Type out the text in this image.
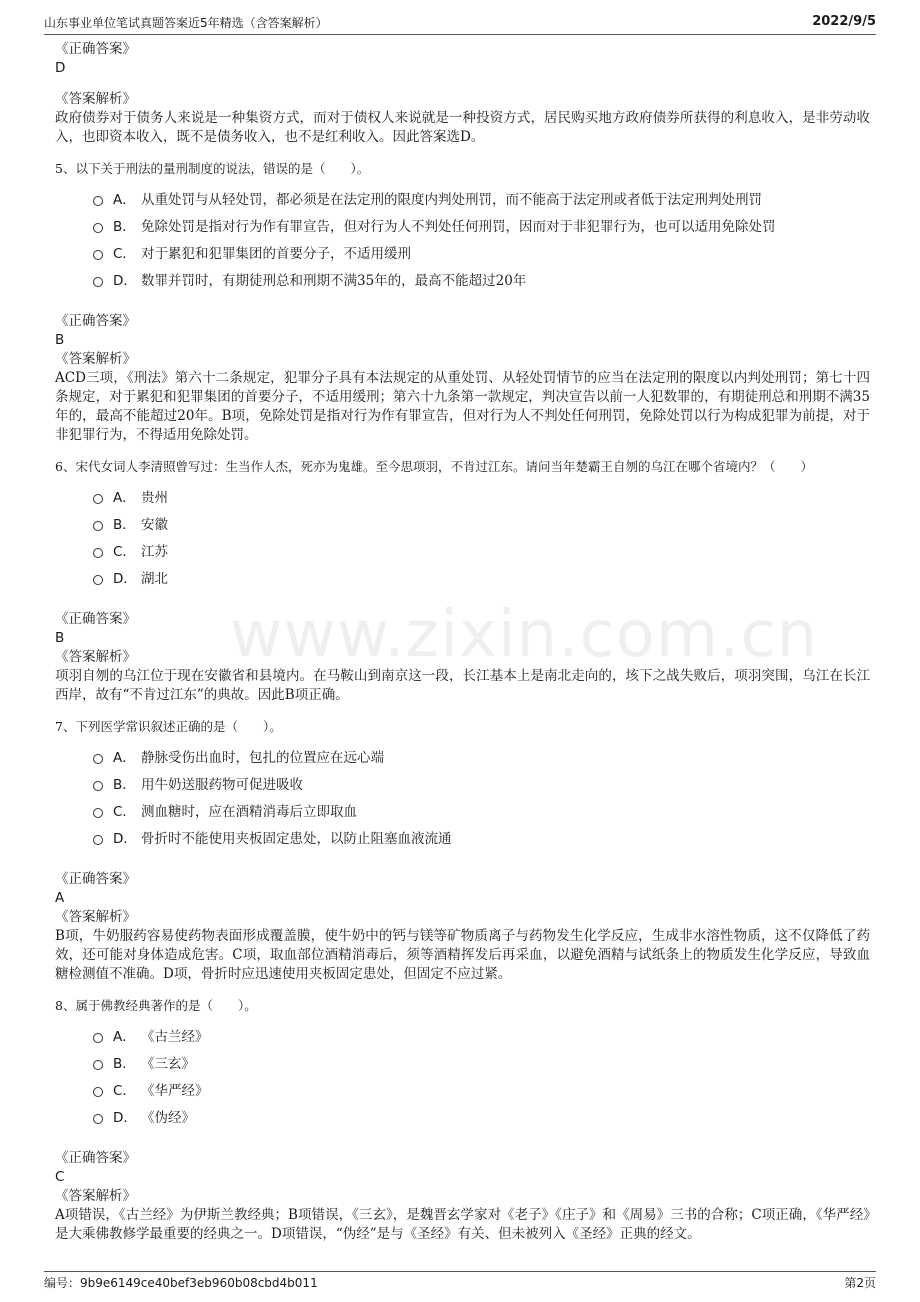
山东事业单位笔试真题答案近5年精选（含答案解析）	2022/9/5
www.zixin.com.cn
《正确答案》
D
《答案解析》
政府债券对于债务人来说是一种集资方式，而对于债权人来说就是一种投资方式，居民购买地方政府债券所获得的利息收入，是非劳动收入，也即资本收入，既不是债务收入，也不是红利收入。因此答案选D。
5、以下关于刑法的量刑制度的说法，错误的是（　　）。
A． 从重处罚与从轻处罚，都必须是在法定刑的限度内判处刑罚，而不能高于法定刑或者低于法定刑判处刑罚
B． 免除处罚是指对行为作有罪宣告，但对行为人不判处任何刑罚，因而对于非犯罪行为，也可以适用免除处罚
C． 对于累犯和犯罪集团的首要分子，不适用缓刑
D． 数罪并罚时，有期徒刑总和刑期不满35年的，最高不能超过20年
《正确答案》
B
《答案解析》
ACD三项，《刑法》第六十二条规定，犯罪分子具有本法规定的从重处罚、从轻处罚情节的应当在法定刑的限度以内判处刑罚；第七十四条规定，对于累犯和犯罪集团的首要分子，不适用缓刑；第六十九条第一款规定，判决宣告以前一人犯数罪的，有期徒刑总和刑期不满35年的，最高不能超过20年。B项，免除处罚是指对行为作有罪宣告，但对行为人不判处任何刑罚，免除处罚以行为构成犯罪为前提，对于非犯罪行为，不得适用免除处罚。
6、宋代女词人李清照曾写过：生当作人杰，死亦为鬼雄。至今思项羽，不肯过江东。请问当年楚霸王自刎的乌江在哪个省境内？（　　）
A． 贵州
B． 安徽
C． 江苏
D． 湖北
《正确答案》
B
《答案解析》
项羽自刎的乌江位于现在安徽省和县境内。在马鞍山到南京这一段，长江基本上是南北走向的，垓下之战失败后，项羽突围，乌江在长江西岸，故有“不肯过江东”的典故。因此B项正确。
7、下列医学常识叙述正确的是（　　）。
A． 静脉受伤出血时，包扎的位置应在远心端
B． 用牛奶送服药物可促进吸收
C． 测血糖时，应在酒精消毒后立即取血
D． 骨折时不能使用夹板固定患处，以防止阻塞血液流通
《正确答案》
A
《答案解析》
B项，牛奶服药容易使药物表面形成覆盖膜，使牛奶中的钙与镁等矿物质离子与药物发生化学反应，生成非水溶性物质，这不仅降低了药效，还可能对身体造成危害。C项，取血部位酒精消毒后，须等酒精挥发后再采血，以避免酒精与试纸条上的物质发生化学反应，导致血糖检测值不准确。D项，骨折时应迅速使用夹板固定患处，但固定不应过紧。
8、属于佛教经典著作的是（　　）。
A． 《古兰经》
B． 《三玄》
C． 《华严经》
D． 《伪经》
《正确答案》
C
《答案解析》
A项错误，《古兰经》为伊斯兰教经典；B项错误，《三玄》，是魏晋玄学家对《老子》《庄子》和《周易》三书的合称；C项正确，《华严经》是大乘佛教修学最重要的经典之一。D项错误，“伪经”是与《圣经》有关、但未被列入《圣经》正典的经文。
编号：9b9e6149ce40bef3eb960b08cbd4b011	第2页
